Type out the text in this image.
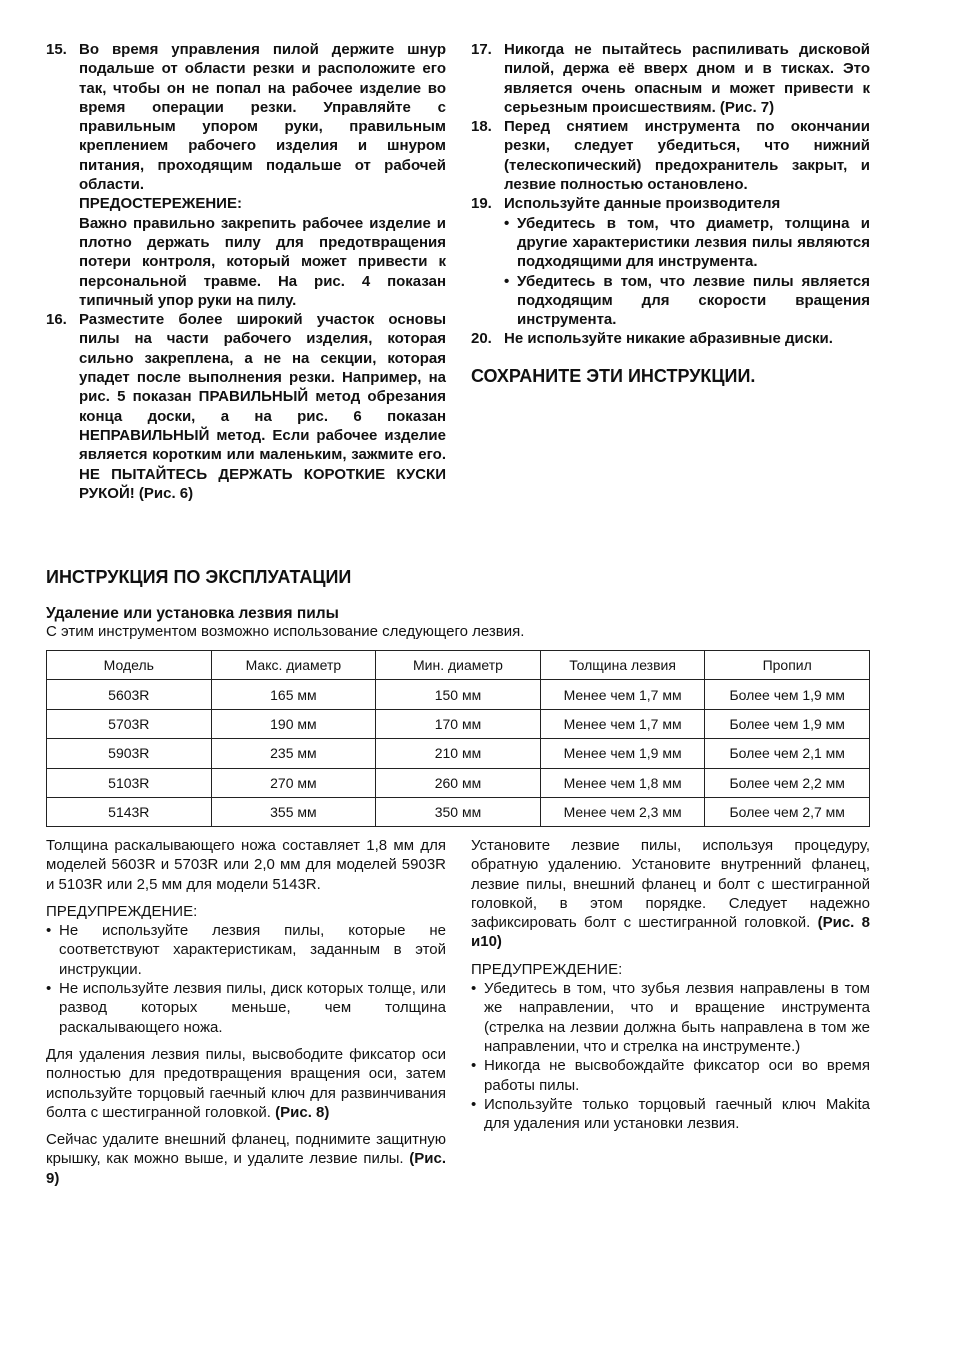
15. Во время управления пилой держите шнур подальше от области резки и расположите его так, чтобы он не попал на рабочее изделие во время операции резки. Управляйте с правильным упором руки, правильным креплением рабочего изделия и шнуром питания, проходящим подальше от рабочей области.

ПРЕДОСТЕРЕЖЕНИЕ:

Важно правильно закрепить рабочее изделие и плотно держать пилу для предотвращения потери контроля, который может привести к персональной травме. На рис. 4 показан типичный упор руки на пилу.

16. Разместите более широкий участок основы пилы на части рабочего изделия, которая сильно закреплена, а не на секции, которая упадет после выполнения резки. Например, на рис. 5 показан ПРАВИЛЬНЫЙ метод обрезания конца доски, а на рис. 6 показан НЕПРАВИЛЬНЫЙ метод. Если рабочее изделие является коротким или маленьким, зажмите его. НЕ ПЫТАЙТЕСЬ ДЕРЖАТЬ КОРОТКИЕ КУСКИ РУКОЙ! (Рис. 6)

17. Никогда не пытайтесь распиливать дисковой пилой, держа её вверх дном и в тисках. Это является очень опасным и может привести к серьезным происшествиям. (Рис. 7)

18. Перед снятием инструмента по окончании резки, следует убедиться, что нижний (телескопический) предохранитель закрыт, и лезвие полностью остановлено.

19. Используйте данные производителя

• Убедитесь в том, что диаметр, толщина и другие характеристики лезвия пилы являются подходящими для инструмента.
• Убедитесь в том, что лезвие пилы является подходящим для скорости вращения инструмента.
20. Не используйте никакие абразивные диски.

СОХРАНИТЕ ЭТИ ИНСТРУКЦИИ.
ИНСТРУКЦИЯ ПО ЭКСПЛУАТАЦИИ
Удаление или установка лезвия пилы
С этим инструментом возможно использование следующего лезвия.
Модель	Макс. диаметр	Мин. диаметр	Толщина лезвия	Пропил
5603R	165 мм	150 мм	Менее чем 1,7 мм	Более чем 1,9 мм
5703R	190 мм	170 мм	Менее чем 1,7 мм	Более чем 1,9 мм
5903R	235 мм	210 мм	Менее чем 1,9 мм	Более чем 2,1 мм
5103R	270 мм	260 мм	Менее чем 1,8 мм	Более чем 2,2 мм
5143R	355 мм	350 мм	Менее чем 2,3 мм	Более чем 2,7 мм

Толщина раскалывающего ножа составляет 1,8 мм для моделей 5603R и 5703R или 2,0 мм для моделей 5903R и 5103R или 2,5 мм для модели 5143R.

ПРЕДУПРЕЖДЕНИЕ:

• Не используйте лезвия пилы, которые не соответствуют характеристикам, заданным в этой инструкции.
• Не используйте лезвия пилы, диск которых толще, или развод которых меньше, чем толщина раскалывающего ножа.

Для удаления лезвия пилы, высвободите фиксатор оси полностью для предотвращения вращения оси, затем используйте торцовый гаечный ключ для развинчивания болта с шестигранной головкой. (Рис. 8)

Сейчас удалите внешний фланец, поднимите защитную крышку, как можно выше, и удалите лезвие пилы. (Рис. 9)

Установите лезвие пилы, используя процедуру, обратную удалению. Установите внутренний фланец, лезвие пилы, внешний фланец и болт с шестигранной головкой, в этом порядке. Следует надежно зафиксировать болт с шестигранной головкой. (Рис. 8 и10)

ПРЕДУПРЕЖДЕНИЕ:

• Убедитесь в том, что зубья лезвия направлены в том же направлении, что и вращение инструмента (стрелка на лезвии должна быть направлена в том же направлении, что и стрелка на инструменте.)
• Никогда не высвобождайте фиксатор оси во время работы пилы.
• Используйте только торцовый гаечный ключ Makita для удаления или установки лезвия.
